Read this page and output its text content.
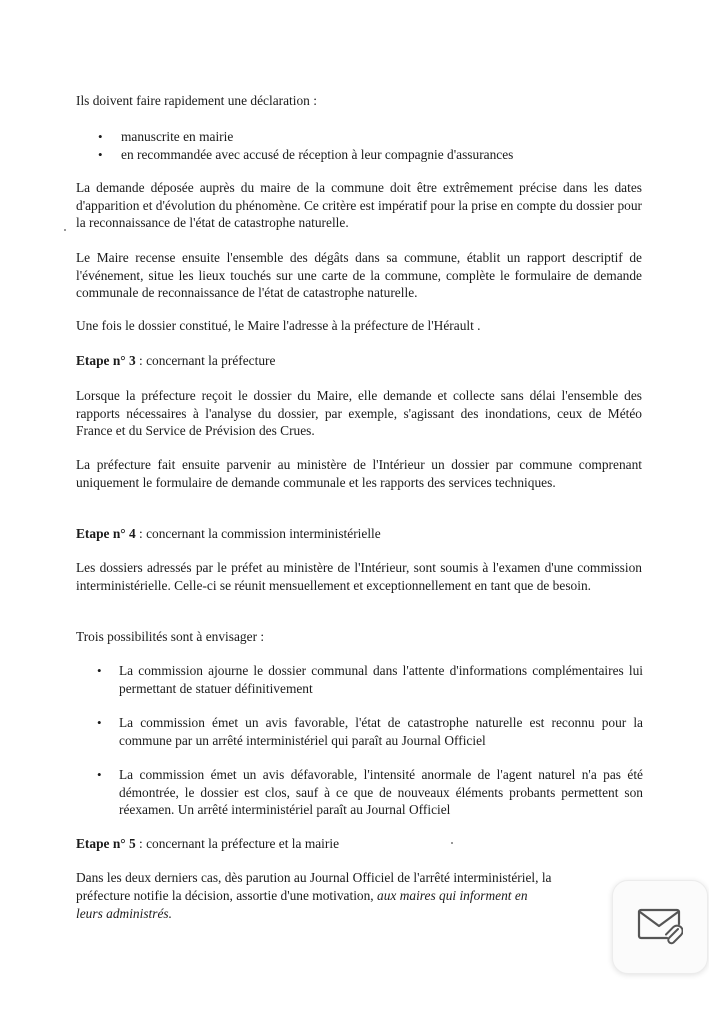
Ils doivent faire rapidement une déclaration :

• manuscrite en mairie
• en recommandée avec accusé de réception à leur compagnie d'assurances

La demande déposée auprès du maire de la commune doit être extrêmement précise dans les dates d'apparition et d'évolution du phénomène. Ce critère est impératif pour la prise en compte du dossier pour la reconnaissance de l'état de catastrophe naturelle.

Le Maire recense ensuite l'ensemble des dégâts dans sa commune, établit un rapport descriptif de l'événement, situe les lieux touchés sur une carte de la commune, complète le formulaire de demande communale de reconnaissance de l'état de catastrophe naturelle.

Une fois le dossier constitué, le Maire l'adresse à la préfecture de l'Hérault .

Etape n° 3 : concernant la préfecture

Lorsque la préfecture reçoit le dossier du Maire, elle demande et collecte sans délai l'ensemble des rapports nécessaires à l'analyse du dossier, par exemple, s'agissant des inondations, ceux de Météo France et du Service de Prévision des Crues.

La préfecture fait ensuite parvenir au ministère de l'Intérieur un dossier par commune comprenant uniquement le formulaire de demande communale et les rapports des services techniques.

Etape n° 4 : concernant la commission interministérielle

Les dossiers adressés par le préfet au ministère de l'Intérieur, sont soumis à l'examen d'une commission interministérielle. Celle-ci se réunit mensuellement et exceptionnellement en tant que de besoin.

Trois possibilités sont à envisager :

• La commission ajourne le dossier communal dans l'attente d'informations complémentaires lui permettant de statuer définitivement
• La commission émet un avis favorable, l'état de catastrophe naturelle est reconnu pour la commune par un arrêté interministériel qui paraît au Journal Officiel
• La commission émet un avis défavorable, l'intensité anormale de l'agent naturel n'a pas été démontrée, le dossier est clos, sauf à ce que de nouveaux éléments probants permettent son réexamen. Un arrêté interministériel paraît au Journal Officiel

Etape n° 5 : concernant la préfecture et la mairie

Dans les deux derniers cas, dès parution au Journal Officiel de l'arrêté interministériel, la

préfecture notifie la décision, assortie d'une motivation, aux maires qui informent en

leurs administrés.
